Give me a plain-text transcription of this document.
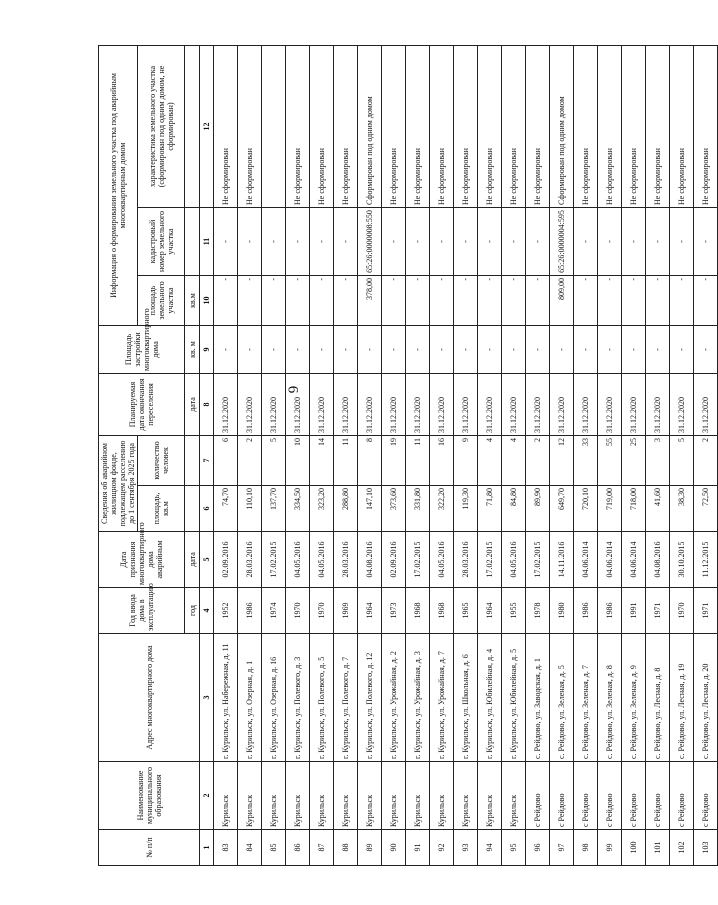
6
№ п/п	Наименование муниципального образования	Адрес многоквартирного дома	Год ввода дома в эксплуатацию	Дата признания многоквартирного дома аварийным	Сведения об аварийном жилищном фонде, подлежащем расселению до 1 сентября 2025 года		Планируемая дата окончания переселения	Площадь застройки многоквартирного дома	Информация о формировании земельного участка под аварийным многоквартирным домом		
					площадь, кв.м	количество человек			площадь земельного участка	кадастровый номер земельного участка	характеристика земельного участка (сформирован под одним домом, не сформирован)
			год	дата			дата	кв. м	кв.м		
1	2	3	4	5	6	7	8	9	10	11	12
83	Курильск	г. Курильск, ул. Набережная, д. 11	1952	02.09.2016	74,70	6	31.12.2020	-	-	-	Не сформирован
84	Курильск	г. Курильск, ул. Озерная, д. 1	1986	28.03.2016	110,10	2	31.12.2020	-	-	-	Не сформирован
85	Курильск	г. Курильск, ул. Озерная, д. 16	1974	17.02.2015	137,70	5	31.12.2020	-	-	-	
86	Курильск	г. Курильск, ул. Полевого, д. 3	1970	04.05.2016	334,50	10	31.12.2020	-	-	-	Не сформирован
87	Курильск	г. Курильск, ул. Полевого, д. 5	1970	04.05.2016	323,20	14	31.12.2020	-	-	-	Не сформирован
88	Курильск	г. Курильск, ул. Полевого, д. 7	1969	28.03.2016	288,80	11	31.12.2020	-	-	-	Не сформирован
89	Курильск	г. Курильск, ул. Полевого, д. 12	1964	04.08.2016	147,10	8	31.12.2020	-	378,00	65:26:0000008:550	Сформирован под одним домом
90	Курильск	г. Курильск, ул. Урожайная, д. 2	1973	02.09.2016	373,60	19	31.12.2020	-	-	-	Не сформирован
91	Курильск	г. Курильск, ул. Урожайная, д. 3	1968	17.02.2015	331,80	11	31.12.2020	-	-	-	Не сформирован
92	Курильск	г. Курильск, ул. Урожайная, д. 7	1968	04.05.2016	322,20	16	31.12.2020	-	-	-	Не сформирован
93	Курильск	г. Курильск, ул. Школьная, д. 6	1965	28.03.2016	119,30	9	31.12.2020	-	-	-	Не сформирован
94	Курильск	г. Курильск, ул. Юбилейная, д. 4	1964	17.02.2015	71,80	4	31.12.2020	-	-	-	Не сформирован
95	Курильск	г. Курильск, ул. Юбилейная, д. 5	1955	04.05.2016	84,80	4	31.12.2020	-	-	-	Не сформирован
96	с Рейдово	с. Рейдово, ул. Заводская, д. 1	1978	17.02.2015	89,90	2	31.12.2020	-	-	-	Не сформирован
97	с Рейдово	с. Рейдово, ул. Зеленая, д. 5	1980	14.11.2016	649,70	12	31.12.2020	-	809,00	65:26:0000004:595	Сформирован под одним домом
98	с Рейдово	с. Рейдово, ул. Зеленая, д. 7	1986	04.06.2014	720,10	33	31.12.2020	-	-	-	Не сформирован
99	с Рейдово	с. Рейдово, ул. Зеленая, д. 8	1986	04.06.2014	719,00	55	31.12.2020	-	-	-	Не сформирован
100	с Рейдово	с. Рейдово, ул. Зеленая, д. 9	1991	04.06.2014	718,00	25	31.12.2020	-	-	-	Не сформирован
101	с Рейдово	с. Рейдово, ул. Лесная, д. 8	1971	04.08.2016	41,60	3	31.12.2020	-	-	-	Не сформирован
102	с Рейдово	с. Рейдово, ул. Лесная, д. 19	1970	30.10.2015	38,30	5	31.12.2020	-	-	-	Не сформирован
103	с Рейдово	с. Рейдово, ул. Лесная, д. 20	1971	11.12.2015	72,50	2	31.12.2020	-	-	-	Не сформирован
